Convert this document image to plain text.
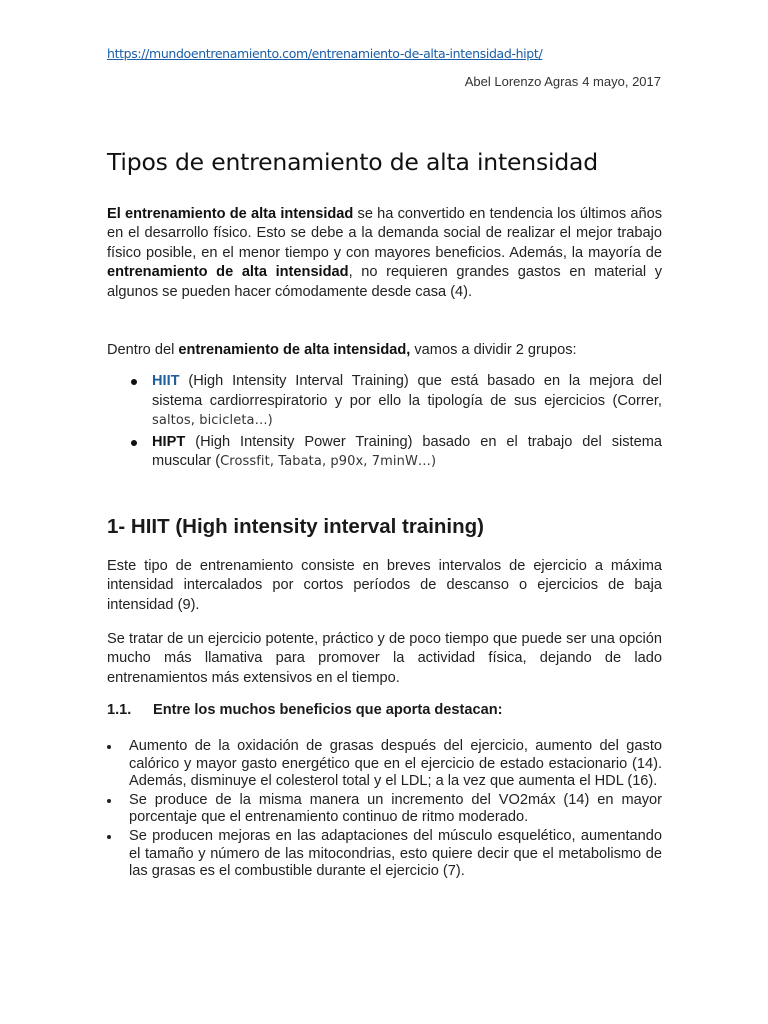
https://mundoentrenamiento.com/entrenamiento-de-alta-intensidad-hipt/
Abel Lorenzo Agras 4 mayo, 2017
Tipos de entrenamiento de alta intensidad

El entrenamiento de alta intensidad se ha convertido en tendencia los últimos años en el desarrollo físico. Esto se debe a la demanda social de realizar el mejor trabajo físico posible, en el menor tiempo y con mayores beneficios. Además, la mayoría de entrenamiento de alta intensidad, no requieren grandes gastos en material y algunos se pueden hacer cómodamente desde casa (4).

Dentro del entrenamiento de alta intensidad, vamos a dividir 2 grupos:

HIIT (High Intensity Interval Training) que está basado en la mejora del sistema cardiorrespiratorio y por ello la tipología de sus ejercicios (Correr, saltos, bicicleta…)
HIPT (High Intensity Power Training) basado en el trabajo del sistema muscular (Crossfit, Tabata, p90x, 7minW…)
1- HIIT (High intensity interval training)

Este tipo de entrenamiento consiste en breves intervalos de ejercicio a máxima intensidad intercalados por cortos períodos de descanso o ejercicios de baja intensidad (9).

Se tratar de un ejercicio potente, práctico y de poco tiempo que puede ser una opción mucho más llamativa para promover la actividad física, dejando de lado entrenamientos más extensivos en el tiempo.

1.1. Entre los muchos beneficios que aporta destacan:
Aumento de la oxidación de grasas después del ejercicio, aumento del gasto calórico y mayor gasto energético que en el ejercicio de estado estacionario (14). Además, disminuye el colesterol total y el LDL; a la vez que aumenta el HDL (16).
Se produce de la misma manera un incremento del VO2máx (14) en mayor porcentaje que el entrenamiento continuo de ritmo moderado.
Se producen mejoras en las adaptaciones del músculo esquelético, aumentando el tamaño y número de las mitocondrias, esto quiere decir que el metabolismo de las grasas es el combustible durante el ejercicio (7).
